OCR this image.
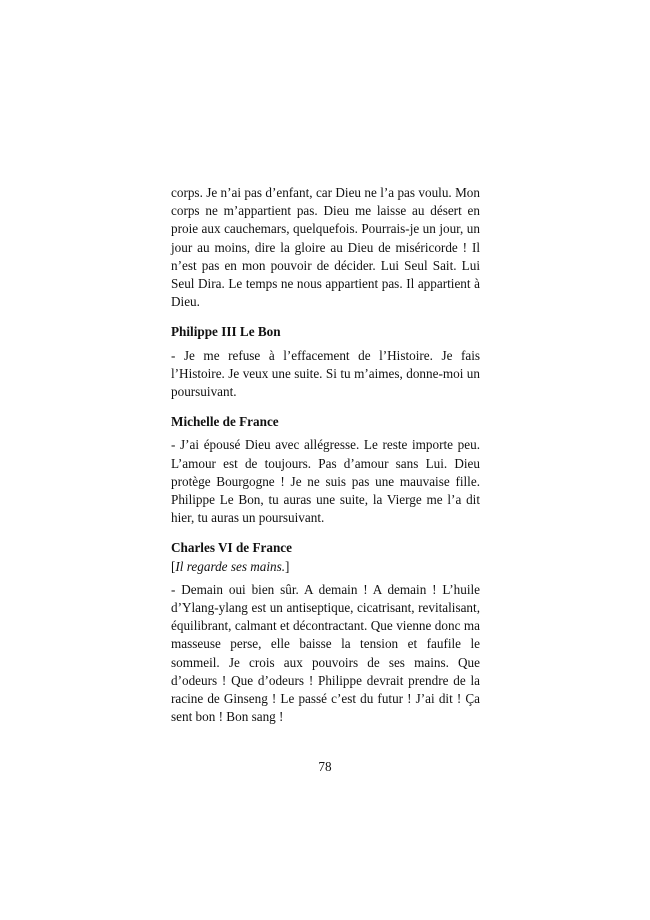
corps. Je n’ai pas d’enfant, car Dieu ne l’a pas voulu. Mon corps ne m’appartient pas. Dieu me laisse au désert en proie aux cauchemars, quelquefois. Pourrais-je un jour, un jour au moins, dire la gloire au Dieu de miséricorde ! Il n’est pas en mon pouvoir de décider. Lui Seul Sait. Lui Seul Dira. Le temps ne nous appartient pas. Il appartient à Dieu.

Philippe III Le Bon

- Je me refuse à l’effacement de l’Histoire. Je fais l’Histoire. Je veux une suite. Si tu m’aimes, donne-moi un poursuivant.

Michelle de France

- J’ai épousé Dieu avec allégresse. Le reste importe peu. L’amour est de toujours. Pas d’amour sans Lui. Dieu protège Bourgogne ! Je ne suis pas une mauvaise fille. Philippe Le Bon, tu auras une suite, la Vierge me l’a dit hier, tu auras un poursuivant.

Charles VI de France

[Il regarde ses mains.]

- Demain oui bien sûr. A demain ! A demain ! L’huile d’Ylang-ylang est un antiseptique, cicatrisant, revitalisant, équilibrant, calmant et décontractant. Que vienne donc ma masseuse perse, elle baisse la tension et faufile le sommeil. Je crois aux pouvoirs de ses mains. Que d’odeurs ! Que d’odeurs ! Philippe devrait prendre de la racine de Ginseng ! Le passé c’est du futur ! J’ai dit ! Ça sent bon ! Bon sang !

78
